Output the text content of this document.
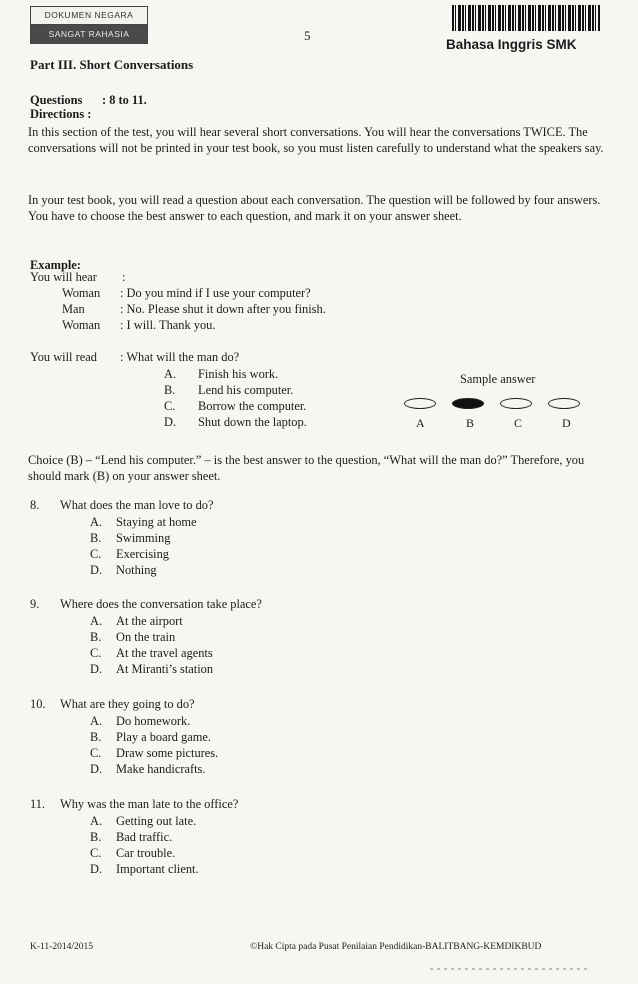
DOKUMEN NEGARA
SANGAT RAHASIA	5
Bahasa Inggris SMK
Part III. Short Conversations
Questions : 8 to 11.
Directions :
In this section of the test, you will hear several short conversations. You will hear the conversations TWICE. The conversations will not be printed in your test book, so you must listen carefully to understand what the speakers say.
In your test book, you will read a question about each conversation. The question will be followed by four answers. You have to choose the best answer to each question, and mark it on your answer sheet.
Example:
You will hear :
Woman : Do you mind if I use your computer?
Man	: No. Please shut it down after you finish.
Woman : I will. Thank you.
You will read : What will the man do?
A. Finish his work.
B. Lend his computer.
C. Borrow the computer.
D. Shut down the laptop.
Sample answer
A	B	C	D
Choice (B) – “Lend his computer.” – is the best answer to the question, “What will the man do?” Therefore, you should mark (B) on your answer sheet.
8. What does the man love to do?
A. Staying at home
B. Swimming
C. Exercising
D. Nothing
9. Where does the conversation take place?
A. At the airport
B. On the train
C. At the travel agents
D. At Miranti’s station
10. What are they going to do?
A. Do homework.
B. Play a board game.
C. Draw some pictures.
D. Make handicrafts.
11. Why was the man late to the office?
A. Getting out late.
B. Bad traffic.
C. Car trouble.
D. Important client.
K-11-2014/2015	©Hak Cipta pada Pusat Penilaian Pendidikan-BALITBANG-KEMDIKBUD
